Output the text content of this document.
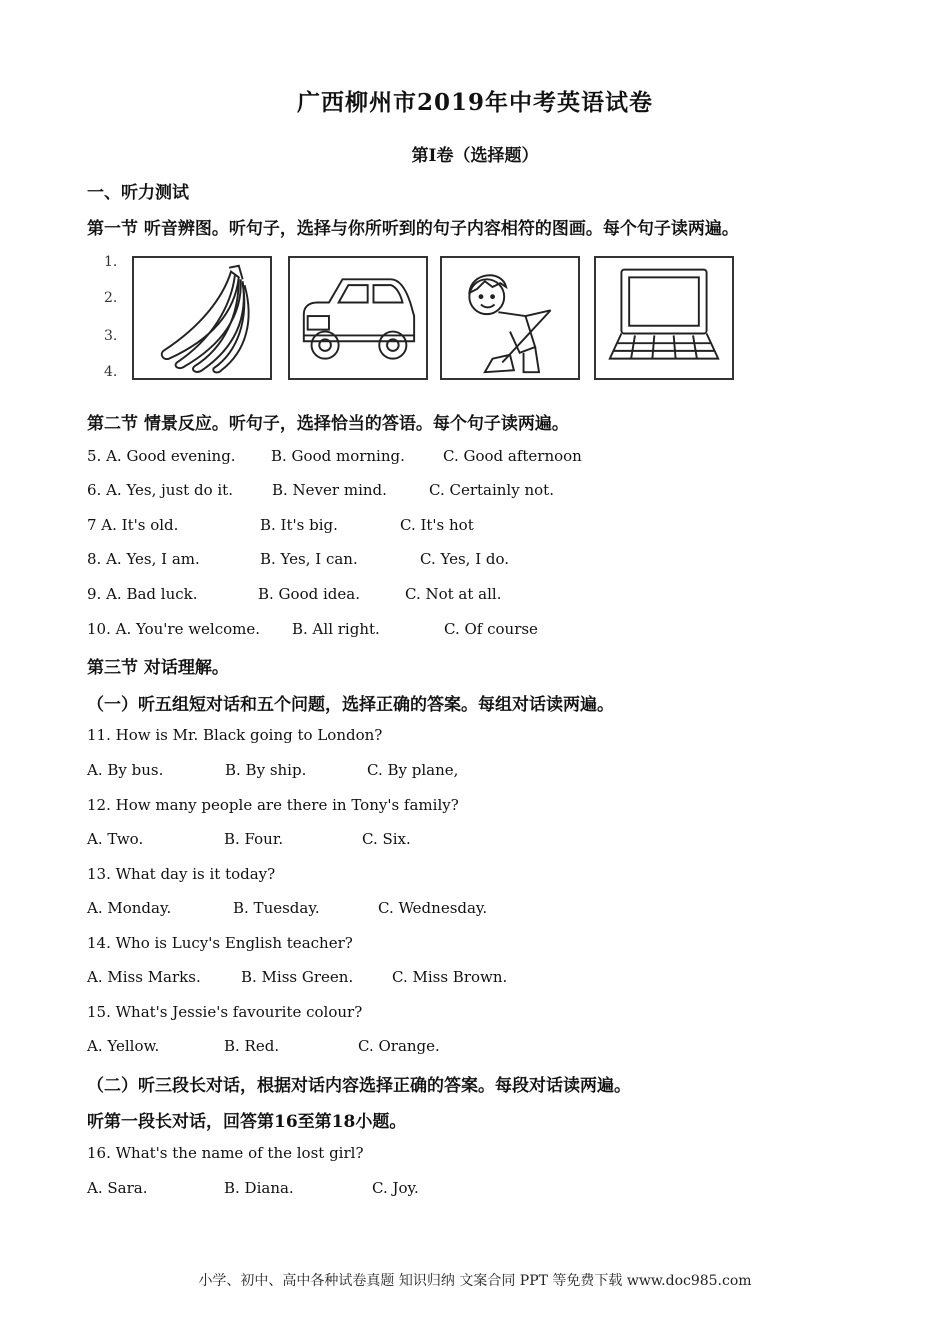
广西柳州市2019年中考英语试卷
第I卷（选择题）
一、听力测试
第一节 听音辨图。听句子，选择与你所听到的句子内容相符的图画。每个句子读两遍。
1.
2.
3.
4.
第二节 情景反应。听句子，选择恰当的答语。每个句子读两遍。
5. A. Good evening. B. Good morning.	C. Good afternoon
6. A. Yes, just do it.	B. Never mind.	C. Certainly not.
7 A. It's old.	B. It's big.	C. It's hot
8. A. Yes, I am.	B. Yes, I can.	C. Yes, I do.
9. A. Bad luck.	B. Good idea.	C. Not at all.
10. A. You're welcome. B. All right.	C. Of course
第三节 对话理解。
（一）听五组短对话和五个问题，选择正确的答案。每组对话读两遍。
11. How is Mr. Black going to London?
A. By bus.	B. By ship.	C. By plane,
12. How many people are there in Tony's family?
A. Two.	B. Four.	C. Six.
13. What day is it today?
A. Monday.	B. Tuesday.	C. Wednesday.
14. Who is Lucy's English teacher?
A. Miss Marks.	B. Miss Green.	C. Miss Brown.
15. What's Jessie's favourite colour?
A. Yellow.	B. Red.	C. Orange.
（二）听三段长对话，根据对话内容选择正确的答案。每段对话读两遍。
听第一段长对话，回答第16至第18小题。
16. What's the name of the lost girl?
A. Sara.	B. Diana.	C. Joy.
小学、初中、高中各种试卷真题 知识归纳 文案合同 PPT 等免费下载 www.doc985.com
